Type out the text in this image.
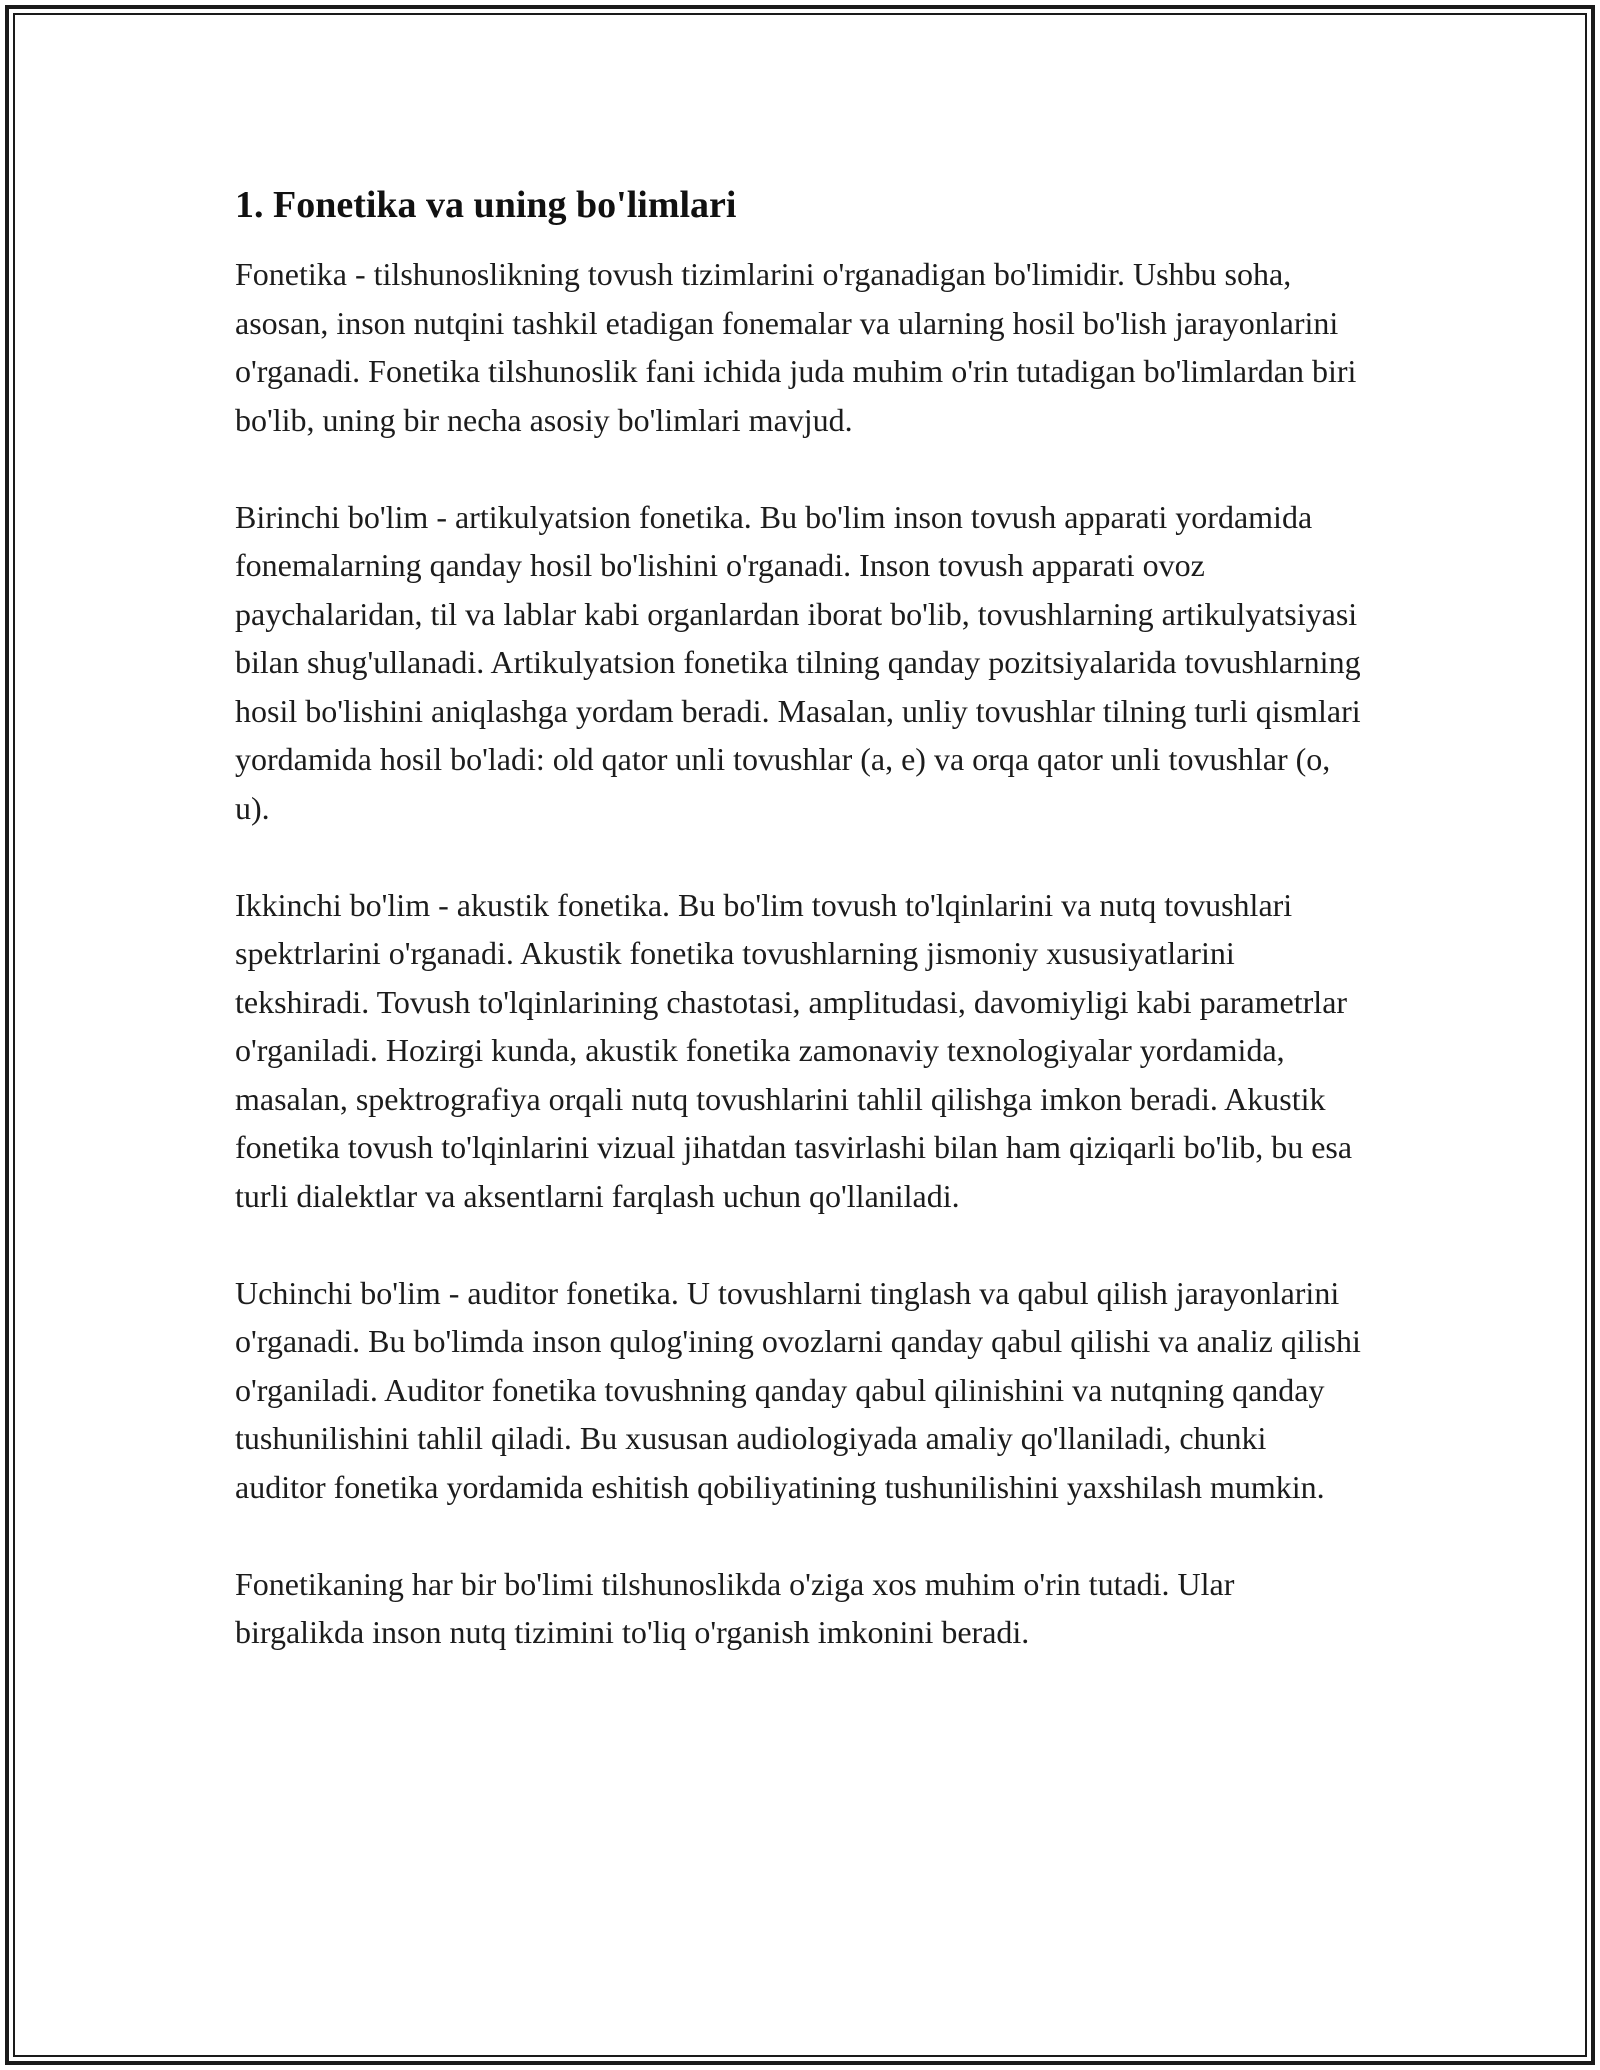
1. Fonetika va uning bo'limlari

Fonetika - tilshunoslikning tovush tizimlarini o'rganadigan bo'limidir. Ushbu soha, asosan, inson nutqini tashkil etadigan fonemalar va ularning hosil bo'lish jarayonlarini o'rganadi. Fonetika tilshunoslik fani ichida juda muhim o'rin tutadigan bo'limlardan biri bo'lib, uning bir necha asosiy bo'limlari mavjud.

Birinchi bo'lim - artikulyatsion fonetika. Bu bo'lim inson tovush apparati yordamida fonemalarning qanday hosil bo'lishini o'rganadi. Inson tovush apparati ovoz paychalaridan, til va lablar kabi organlardan iborat bo'lib, tovushlarning artikulyatsiyasi bilan shug'ullanadi. Artikulyatsion fonetika tilning qanday pozitsiyalarida tovushlarning hosil bo'lishini aniqlashga yordam beradi. Masalan, unliy tovushlar tilning turli qismlari yordamida hosil bo'ladi: old qator unli tovushlar (a, e) va orqa qator unli tovushlar (o, u).

Ikkinchi bo'lim - akustik fonetika. Bu bo'lim tovush to'lqinlarini va nutq tovushlari spektrlarini o'rganadi. Akustik fonetika tovushlarning jismoniy xususiyatlarini tekshiradi. Tovush to'lqinlarining chastotasi, amplitudasi, davomiyligi kabi parametrlar o'rganiladi. Hozirgi kunda, akustik fonetika zamonaviy texnologiyalar yordamida, masalan, spektrografiya orqali nutq tovushlarini tahlil qilishga imkon beradi. Akustik fonetika tovush to'lqinlarini vizual jihatdan tasvirlashi bilan ham qiziqarli bo'lib, bu esa turli dialektlar va aksentlarni farqlash uchun qo'llaniladi.

Uchinchi bo'lim - auditor fonetika. U tovushlarni tinglash va qabul qilish jarayonlarini o'rganadi. Bu bo'limda inson qulog'ining ovozlarni qanday qabul qilishi va analiz qilishi o'rganiladi. Auditor fonetika tovushning qanday qabul qilinishini va nutqning qanday tushunilishini tahlil qiladi. Bu xususan audiologiyada amaliy qo'llaniladi, chunki auditor fonetika yordamida eshitish qobiliyatining tushunilishini yaxshilash mumkin.

Fonetikaning har bir bo'limi tilshunoslikda o'ziga xos muhim o'rin tutadi. Ular birgalikda inson nutq tizimini to'liq o'rganish imkonini beradi.
